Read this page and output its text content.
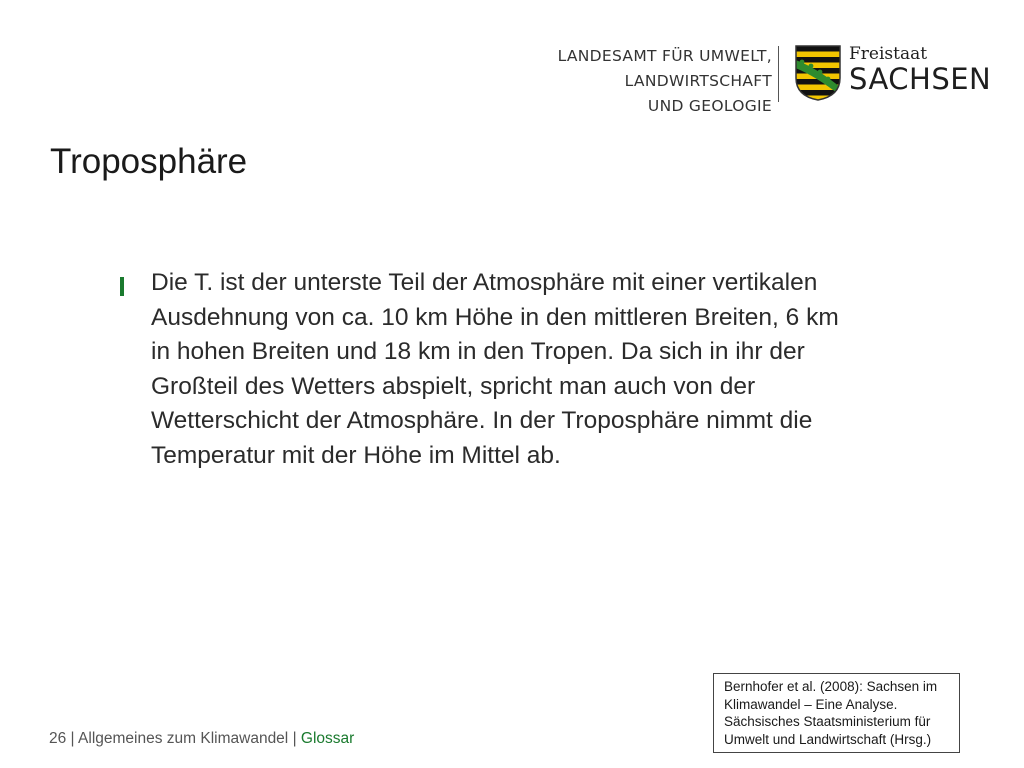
LANDESAMT FÜR UMWELT,
LANDWIRTSCHAFT
UND GEOLOGIE
Freistaat
SACHSEN
Troposphäre

Die T. ist der unterste Teil der Atmosphäre mit einer vertikalen
Ausdehnung von ca. 10 km Höhe in den mittleren Breiten, 6 km
in hohen Breiten und 18 km in den Tropen. Da sich in ihr der
Großteil des Wetters abspielt, spricht man auch von der
Wetterschicht der Atmosphäre. In der Troposphäre nimmt die
Temperatur mit der Höhe im Mittel ab.

26 | Allgemeines zum Klimawandel | Glossar
Bernhofer et al. (2008): Sachsen im
Klimawandel – Eine Analyse.
Sächsisches Staatsministerium für
Umwelt und Landwirtschaft (Hrsg.)
